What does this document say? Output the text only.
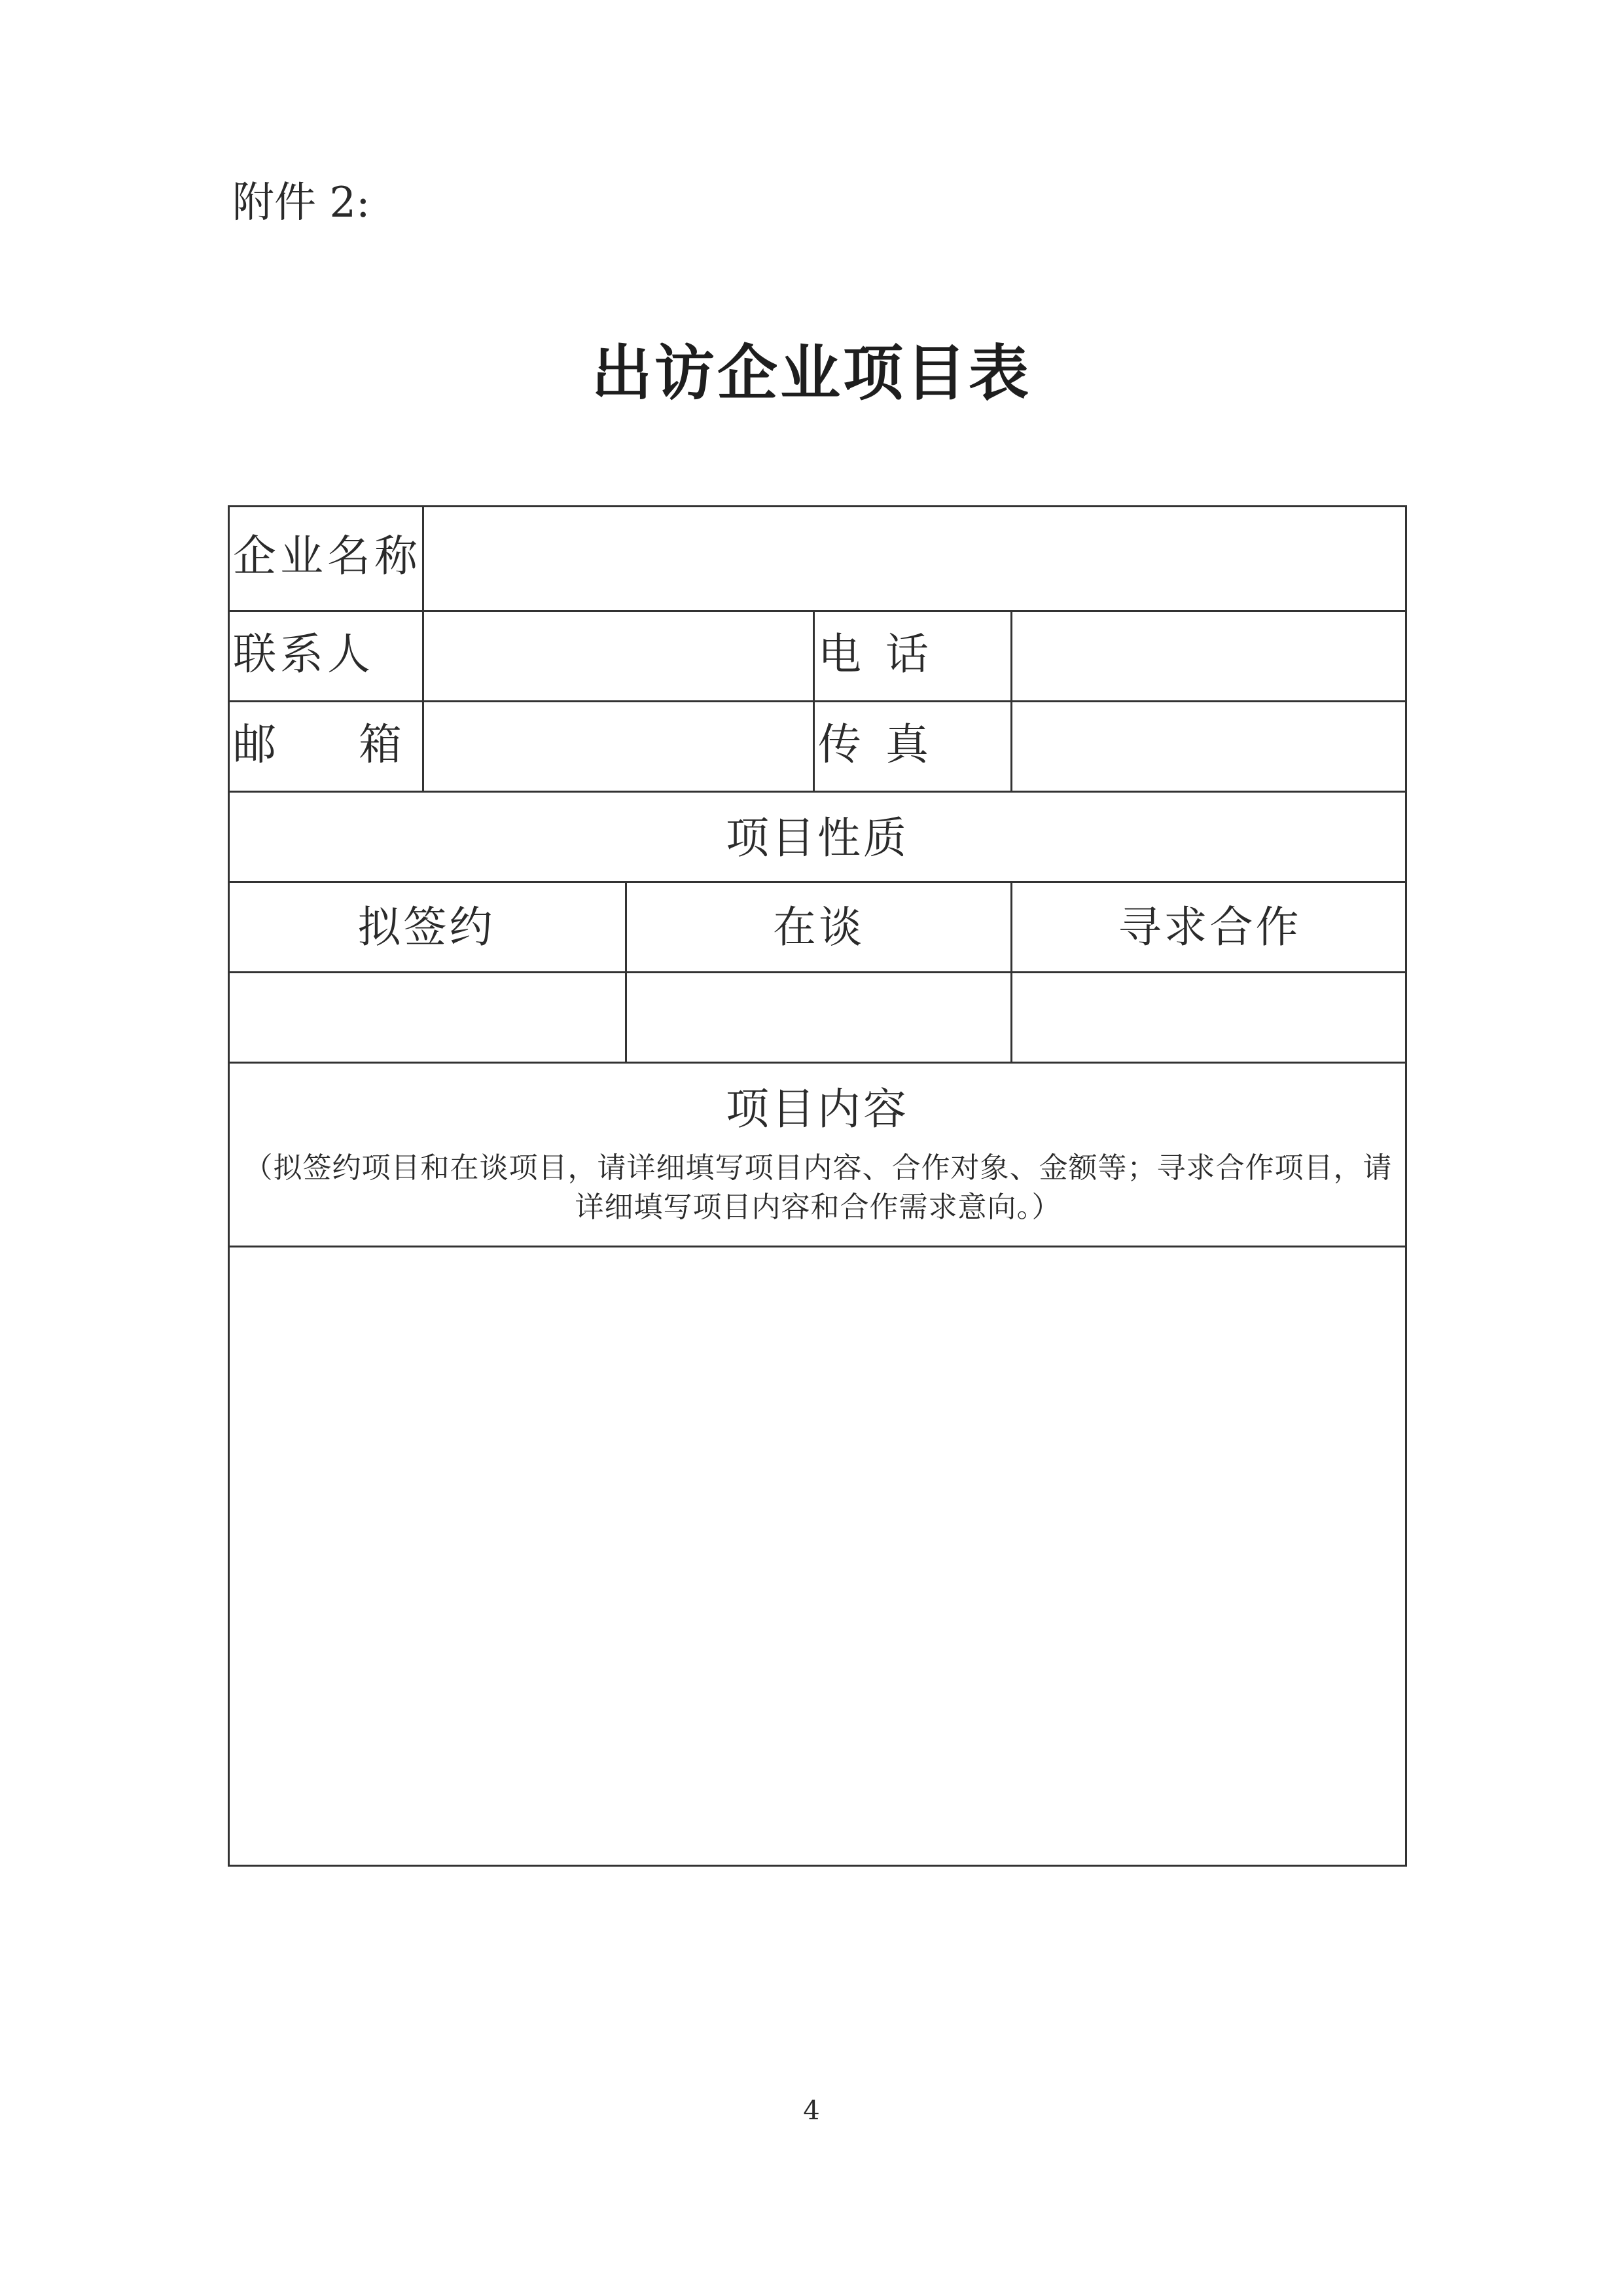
附件 2:
出访企业项目表
企业名称
联系人	电 话
邮  箱	传 真
项目性质
拟签约	在谈	寻求合作
项目内容
（拟签约项目和在谈项目，请详细填写项目内容、合作对象、金额等；寻求合作项目，请详细填写项目内容和合作需求意向。）
4
